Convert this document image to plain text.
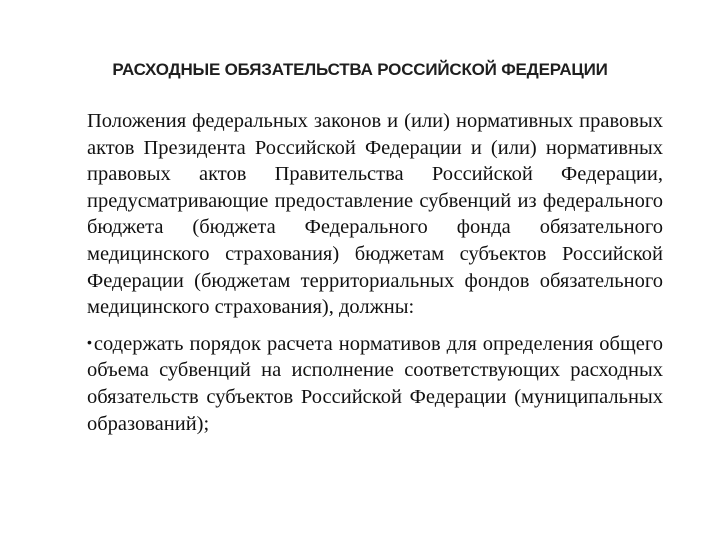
РАСХОДНЫЕ ОБЯЗАТЕЛЬСТВА РОССИЙСКОЙ ФЕДЕРАЦИИ

Положения федеральных законов и (или) нормативных правовых актов Президента Российской Федерации и (или) нормативных правовых актов Правительства Российской Федерации, предусматривающие предоставление субвенций из федерального бюджета (бюджета Федерального фонда обязательного медицинского страхования) бюджетам субъектов Российской Федерации (бюджетам территориальных фондов обязательного медицинского страхования), должны:

•содержать порядок расчета нормативов для определения общего объема субвенций на исполнение соответствующих расходных обязательств субъектов Российской Федерации (муниципальных образований);
